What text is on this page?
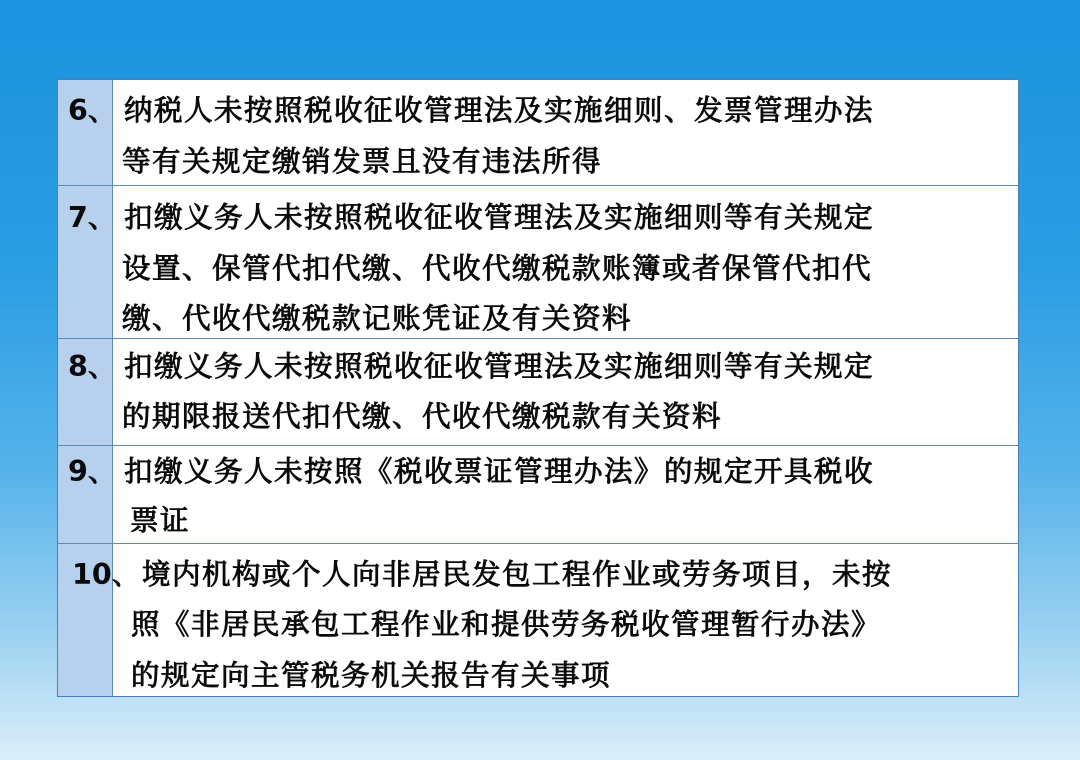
6、 纳税人未按照税收征收管理法及实施细则、发票管理办法
等有关规定缴销发票且没有违法所得
7、 扣缴义务人未按照税收征收管理法及实施细则等有关规定
设置、保管代扣代缴、代收代缴税款账簿或者保管代扣代
缴、代收代缴税款记账凭证及有关资料
8、 扣缴义务人未按照税收征收管理法及实施细则等有关规定
的期限报送代扣代缴、代收代缴税款有关资料
9、 扣缴义务人未按照《税收票证管理办法》的规定开具税收
票证
10、 境内机构或个人向非居民发包工程作业或劳务项目，未按
照《非居民承包工程作业和提供劳务税收管理暂行办法》
的规定向主管税务机关报告有关事项
